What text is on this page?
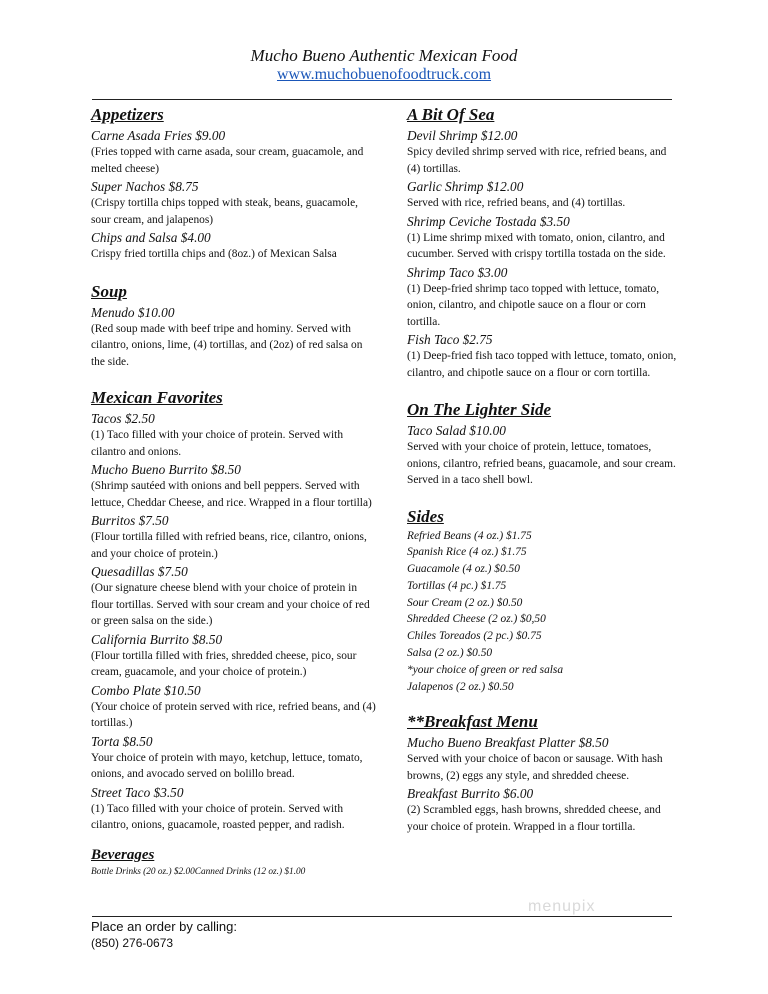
Mucho Bueno Authentic Mexican Food
www.muchobuenofoodtruck.com
Appetizers
Carne Asada Fries $9.00
(Fries topped with carne asada, sour cream, guacamole, and melted cheese)
Super Nachos $8.75
(Crispy tortilla chips topped with steak, beans, guacamole, sour cream, and jalapenos)
Chips and Salsa $4.00
Crispy fried tortilla chips and (8oz.) of Mexican Salsa
Soup
Menudo $10.00
(Red soup made with beef tripe and hominy. Served with cilantro, onions, lime, (4) tortillas, and (2oz) of red salsa on the side.
Mexican Favorites
Tacos $2.50
(1) Taco filled with your choice of protein. Served with cilantro and onions.
Mucho Bueno Burrito $8.50
(Shrimp sautéed with onions and bell peppers. Served with lettuce, Cheddar Cheese, and rice. Wrapped in a flour tortilla)
Burritos $7.50
(Flour tortilla filled with refried beans, rice, cilantro, onions, and your choice of protein.)
Quesadillas $7.50
(Our signature cheese blend with your choice of protein in flour tortillas. Served with sour cream and your choice of red or green salsa on the side.)
California Burrito $8.50
(Flour tortilla filled with fries, shredded cheese, pico, sour cream, guacamole, and your choice of protein.)
Combo Plate $10.50
(Your choice of protein served with rice, refried beans, and (4) tortillas.)
Torta $8.50
Your choice of protein with mayo, ketchup, lettuce, tomato, onions, and avocado served on bolillo bread.
Street Taco $3.50
(1) Taco filled with your choice of protein. Served with cilantro, onions, guacamole, roasted pepper, and radish.
Beverages
Bottle Drinks (20 oz.) $2.00Canned Drinks (12 oz.) $1.00
A Bit Of Sea
Devil Shrimp $12.00
Spicy deviled shrimp served with rice, refried beans, and (4) tortillas.
Garlic Shrimp $12.00
Served with rice, refried beans, and (4) tortillas.
Shrimp Ceviche Tostada $3.50
(1) Lime shrimp mixed with tomato, onion, cilantro, and cucumber. Served with crispy tortilla tostada on the side.
Shrimp Taco $3.00
(1) Deep-fried shrimp taco topped with lettuce, tomato, onion, cilantro, and chipotle sauce on a flour or corn tortilla.
Fish Taco $2.75
(1) Deep-fried fish taco topped with lettuce, tomato, onion, cilantro, and chipotle sauce on a flour or corn tortilla.
On The Lighter Side
Taco Salad $10.00
Served with your choice of protein, lettuce, tomatoes, onions, cilantro, refried beans, guacamole, and sour cream. Served in a taco shell bowl.
Sides
Refried Beans (4 oz.) $1.75
Spanish Rice (4 oz.) $1.75
Guacamole (4 oz.) $0.50
Tortillas (4 pc.) $1.75
Sour Cream (2 oz.) $0.50
Shredded Cheese (2 oz.) $0,50
Chiles Toreados (2 pc.) $0.75
Salsa (2 oz.) $0.50
*your choice of green or red salsa
Jalapenos (2 oz.) $0.50
**Breakfast Menu
Mucho Bueno Breakfast Platter $8.50
Served with your choice of bacon or sausage. With hash browns, (2) eggs any style, and shredded cheese.
Breakfast Burrito $6.00
(2) Scrambled eggs, hash browns, shredded cheese, and your choice of protein. Wrapped in a flour tortilla.
menupix
Place an order by calling:
(850) 276-0673
